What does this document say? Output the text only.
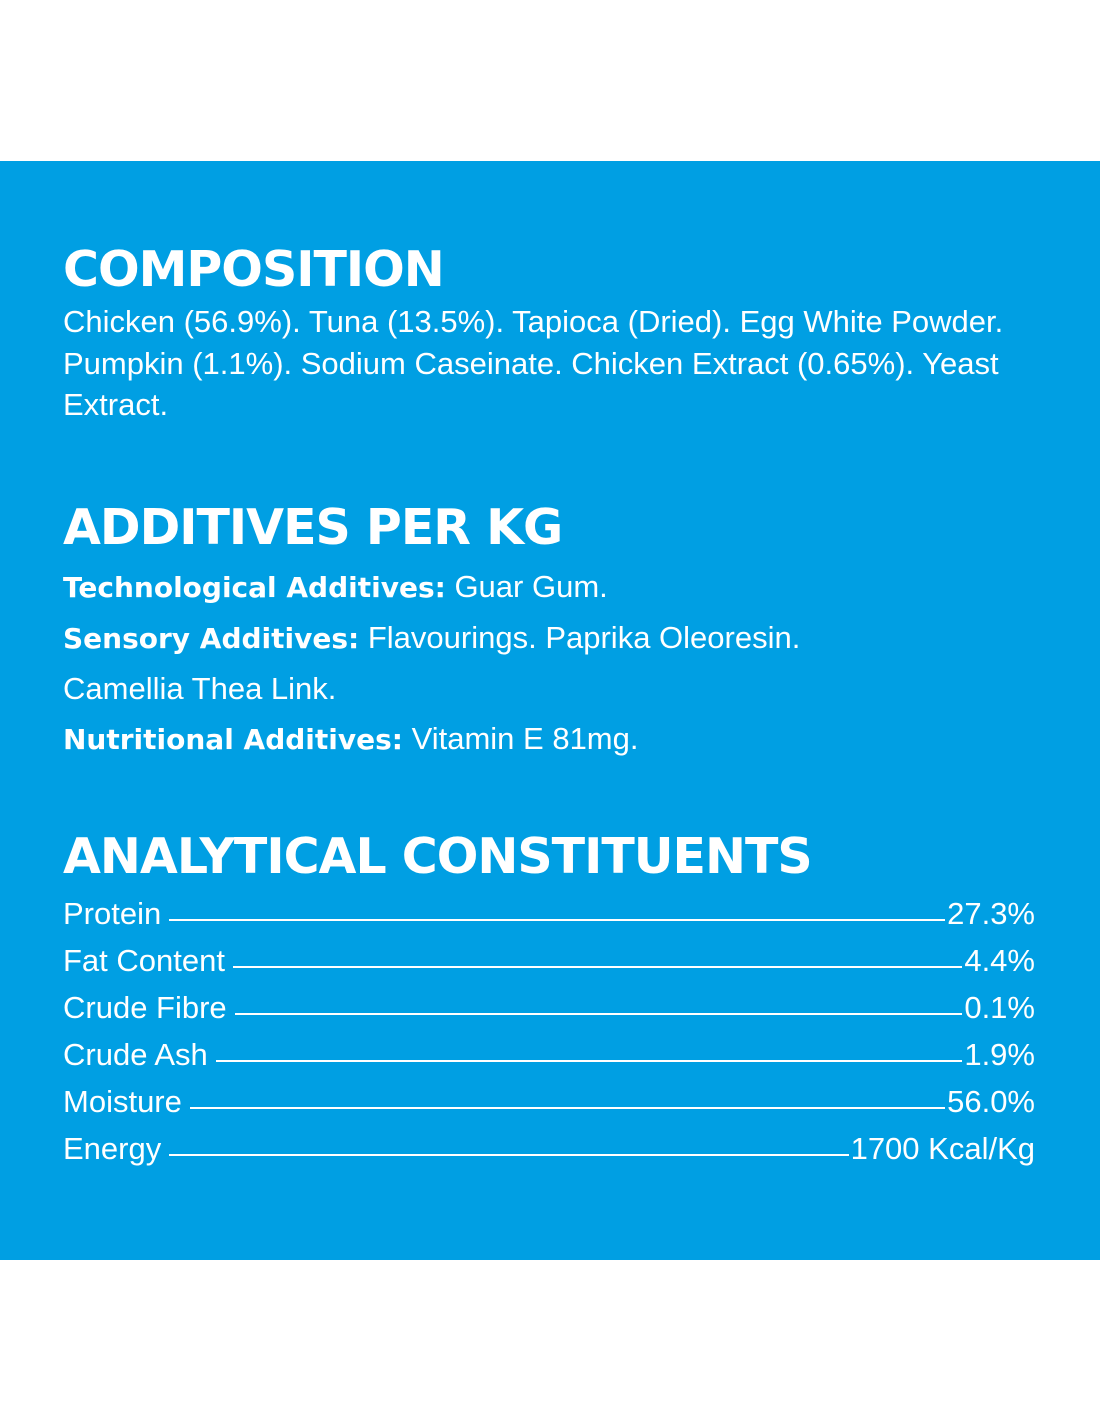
COMPOSITION

Chicken (56.9%). Tuna (13.5%). Tapioca (Dried). Egg White Powder. Pumpkin (1.1%). Sodium Caseinate. Chicken Extract (0.65%). Yeast Extract.

ADDITIVES PER KG
Technological Additives: Guar Gum.
Sensory Additives: Flavourings. Paprika Oleoresin.
Camellia Thea Link.
Nutritional Additives: Vitamin E 81mg.
ANALYTICAL CONSTITUENTS
Protein	27.3%
Fat Content	4.4%
Crude Fibre	0.1%
Crude Ash	1.9%
Moisture	56.0%
Energy	1700 Kcal/Kg
